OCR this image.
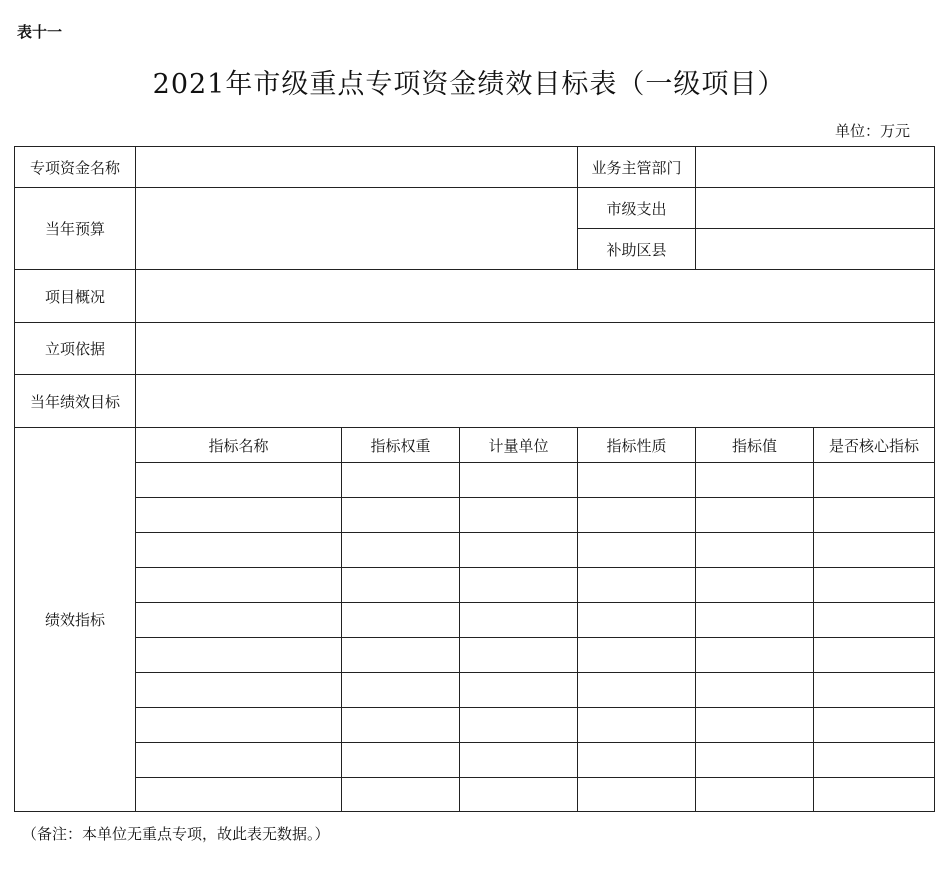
表十一
2021年市级重点专项资金绩效目标表（一级项目）
单位：万元
专项资金名称				业务主管部门		
当年预算				市级支出		
				补助区县		
项目概况						
立项依据						
当年绩效目标						
绩效指标	指标名称	指标权重	计量单位	指标性质	指标值	是否核心指标

（备注：本单位无重点专项，故此表无数据。）
